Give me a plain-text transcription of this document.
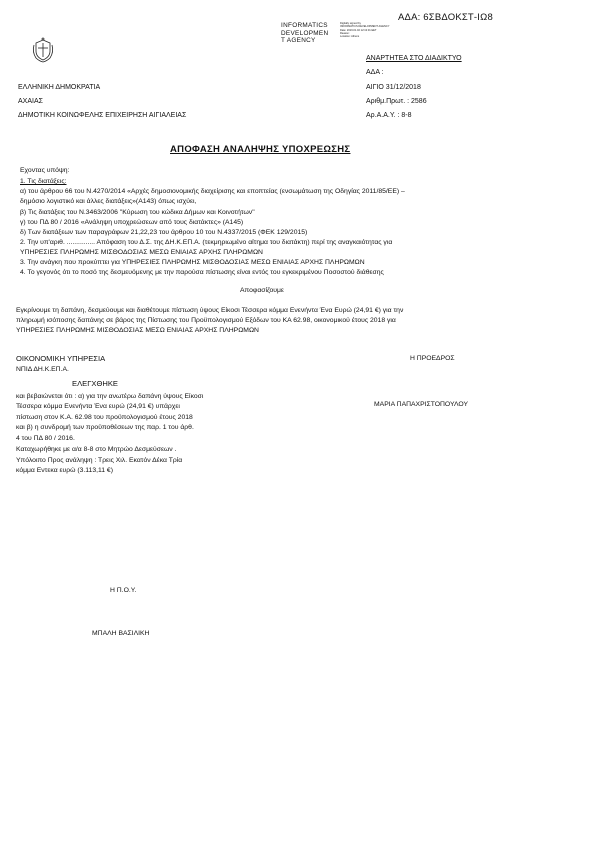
ΑΔΑ: 6ΣΒΔΟΚΣΤ-ΙΩ8
INFORMATICS
DEVELOPMEN
T AGENCY
Digitally signed by
INFORMATICS DEVELOPMENT AGENCY
Date: 2019.01.02 12:13:31 EET
Reason:
Location: Athens
ΑΝΑΡΤΗΤΕΑ ΣΤΟ ΔΙΑΔΙΚΤΥΟ
ΑΔΑ :
ΑΙΓΙΟ 31/12/2018
Αριθμ.Πρωτ. : 2586
Αρ.Α.Α.Υ. : 8-8
ΕΛΛΗΝΙΚΗ ΔΗΜΟΚΡΑΤΙΑ
ΑΧΑΙΑΣ
ΔΗΜΟΤΙΚΗ ΚΟΙΝΩΦΕΛΗΣ ΕΠΙΧΕΙΡΗΣΗ ΑΙΓΙΑΛΕΙΑΣ
ΑΠΟΦΑΣΗ ΑΝΑΛΗΨΗΣ ΥΠΟΧΡΕΩΣΗΣ
Εχοντας υπόψη:
1. Τις διατάξεις:
α) του άρθρου 66 του Ν.4270/2014 «Αρχές δημοσιονομικής διαχείρισης και εποπτείας (ενσωμάτωση της Οδηγίας 2011/85/ΕΕ) –
δημόσιο λογιστικό και άλλες διατάξεις»(Α143) όπως ισχύει,
β) Τις διατάξεις του Ν.3463/2006 "Κύρωση του κώδικα Δήμων και Κοινοτήτων"
γ) του ΠΔ 80 / 2016 «Ανάληψη υποχρεώσεων από τους διατάκτες» (Α145)
δ) Των διατάξεων των παραγράφων 21,22,23 του άρθρου 10 του Ν.4337/2015 (ΦΕΚ 129/2015)
2. Την υπ'αριθ. ............... Απόφαση του Δ.Σ. της ΔΗ.Κ.ΕΠ.Α. (τεκμηριωμένο αίτημα του διατάκτη) περί της αναγκαιότητας για
ΥΠΗΡΕΣΙΕΣ ΠΛΗΡΩΜΗΣ ΜΙΣΘΟΔΟΣΙΑΣ ΜΕΣΩ ΕΝΙΑΙΑΣ ΑΡΧΗΣ ΠΛΗΡΩΜΩΝ
3. Την ανάγκη που προκύπτει για ΥΠΗΡΕΣΙΕΣ ΠΛΗΡΩΜΗΣ ΜΙΣΘΟΔΟΣΙΑΣ ΜΕΣΩ ΕΝΙΑΙΑΣ ΑΡΧΗΣ ΠΛΗΡΩΜΩΝ
4. Το γεγονός ότι το ποσό της δεσμευόμενης με την παρούσα πίστωσης είναι εντός του εγκεκριμένου Ποσοστού διάθεσης
Αποφασίζουμε
Εγκρίνουμε τη δαπάνη, δεσμεύουμε και διαθέτουμε πίστωση ύψους Είκοσι Τέσσερα κόμμα Ενενήντα Ένα Ευρώ (24,91 €) για την
πληρωμή ισόποσης δαπάνης σε βάρος της Πίστωσης του Προϋπολογισμού Εξόδων του ΚΑ 62.98, οικονομικού έτους 2018 για
ΥΠΗΡΕΣΙΕΣ ΠΛΗΡΩΜΗΣ ΜΙΣΘΟΔΟΣΙΑΣ ΜΕΣΩ ΕΝΙΑΙΑΣ ΑΡΧΗΣ ΠΛΗΡΩΜΩΝ
ΟΙΚΟΝΟΜΙΚΗ ΥΠΗΡΕΣΙΑ
ΝΠΙΔ ΔΗ.Κ.ΕΠ.Α.
ΕΛΕΓΧΘΗΚΕ
και βεβαιώνεται ότι : α) για την ανωτέρω δαπάνη ύψους Είκοσι
Τέσσερα κόμμα Ενενήντα Ένα ευρώ (24,91 €) υπάρχει
πίστωση στον Κ.Α. 62.98 του προϋπολογισμού έτους 2018
και β) η συνδρομή των προϋποθέσεων της παρ. 1 του άρθ.
4 του ΠΔ 80 / 2016.
Καταχωρήθηκε με α/α 8-8 στο Μητρώο Δεσμεύσεων .
Υπόλοιπο Προς ανάληψη : Τρεις Χιλ. Εκατόν Δέκα Τρία
κόμμα Εντεκα ευρώ (3.113,11 €)
Η Π.Ο.Υ.
ΜΠΑΛΗ ΒΑΣΙΛΙΚΗ
Η ΠΡΟΕΔΡΟΣ
ΜΑΡΙΑ ΠΑΠΑΧΡΙΣΤΟΠΟΥΛΟΥ
